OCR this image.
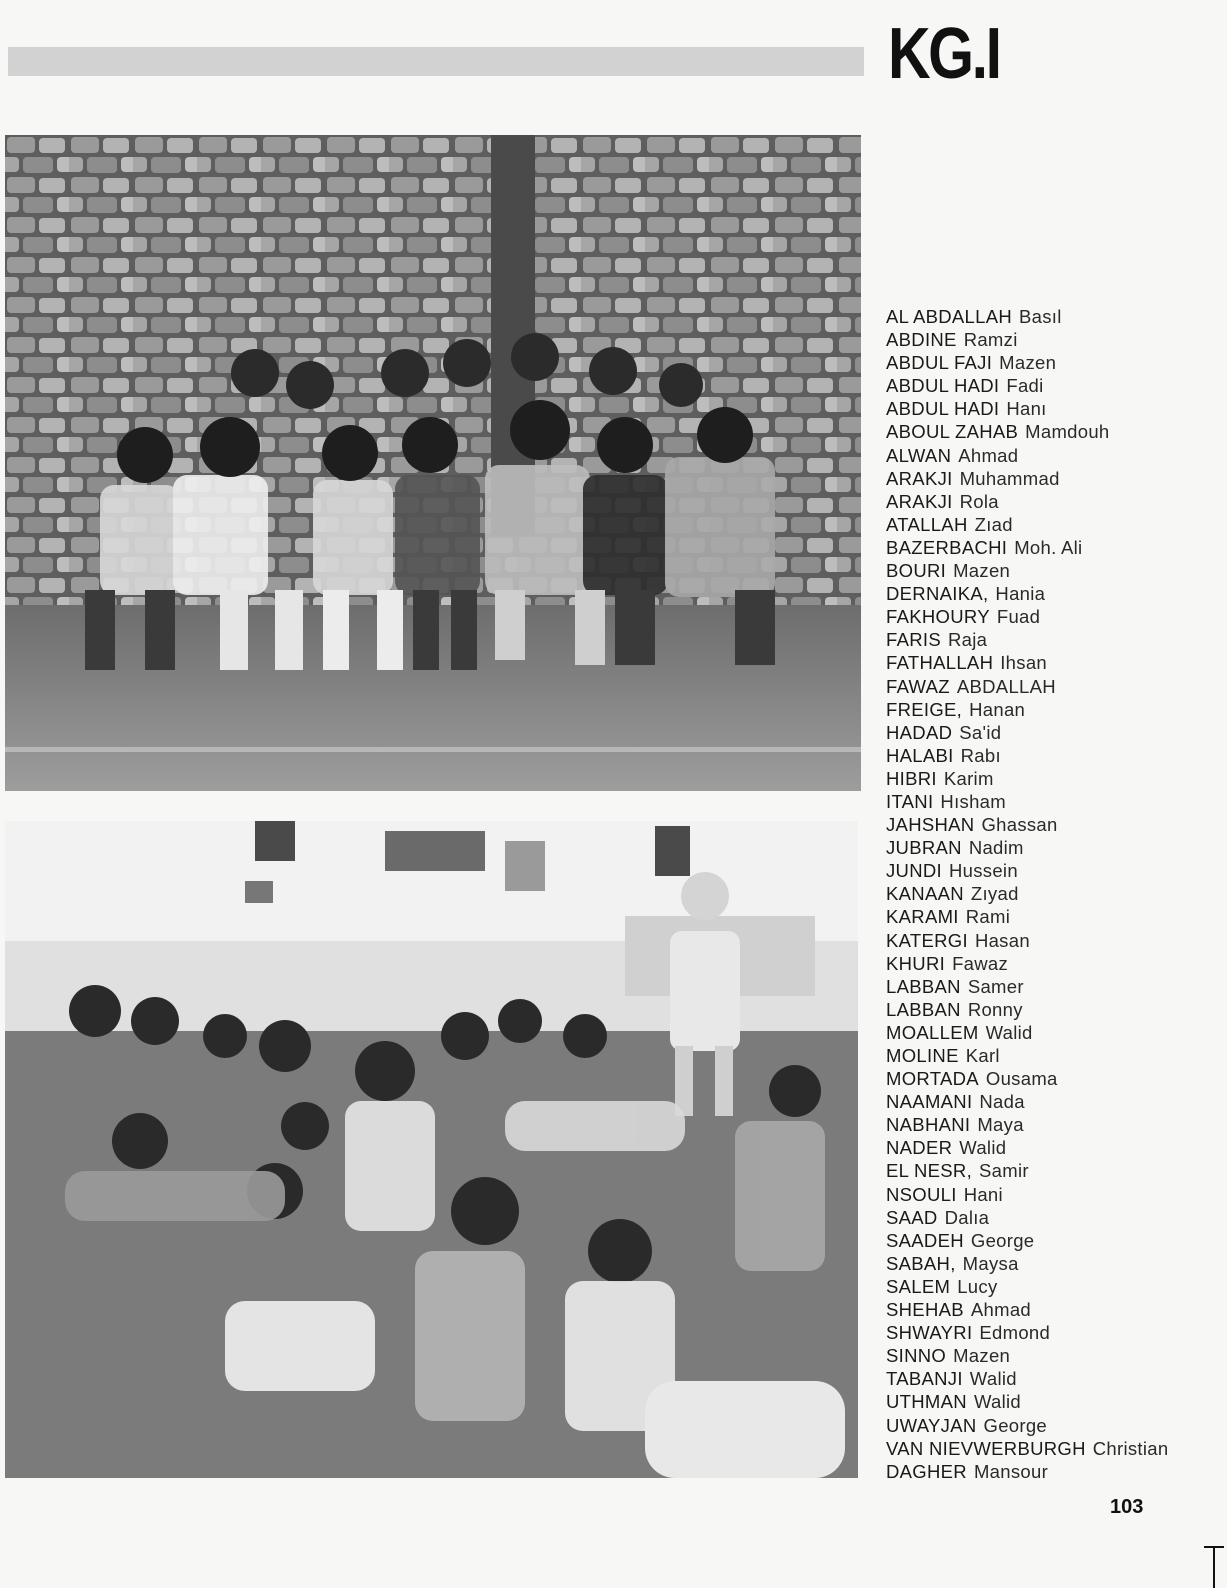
KG.I
AL ABDALLAH Basıl
ABDINE Ramzi
ABDUL FAJI Mazen
ABDUL HADI Fadi
ABDUL HADI Hanı
ABOUL ZAHAB Mamdouh
ALWAN Ahmad
ARAKJI Muhammad
ARAKJI Rola
ATALLAH Zıad
BAZERBACHI Moh. Ali
BOURI Mazen
DERNAIKA, Hania
FAKHOURY Fuad
FARIS Raja
FATHALLAH Ihsan
FAWAZ ABDALLAH
FREIGE, Hanan
HADAD Sa'id
HALABI Rabı
HIBRI Karim
ITANI Hısham
JAHSHAN Ghassan
JUBRAN Nadim
JUNDI Hussein
KANAAN Zıyad
KARAMI Rami
KATERGI Hasan
KHURI Fawaz
LABBAN Samer
LABBAN Ronny
MOALLEM Walid
MOLINE Karl
MORTADA Ousama
NAAMANI Nada
NABHANI Maya
NADER Walid
EL NESR, Samir
NSOULI Hani
SAAD Dalıa
SAADEH George
SABAH, Maysa
SALEM Lucy
SHEHAB Ahmad
SHWAYRI Edmond
SINNO Mazen
TABANJI Walid
UTHMAN Walid
UWAYJAN George
VAN NIEVWERBURGH Christian
DAGHER Mansour
103
